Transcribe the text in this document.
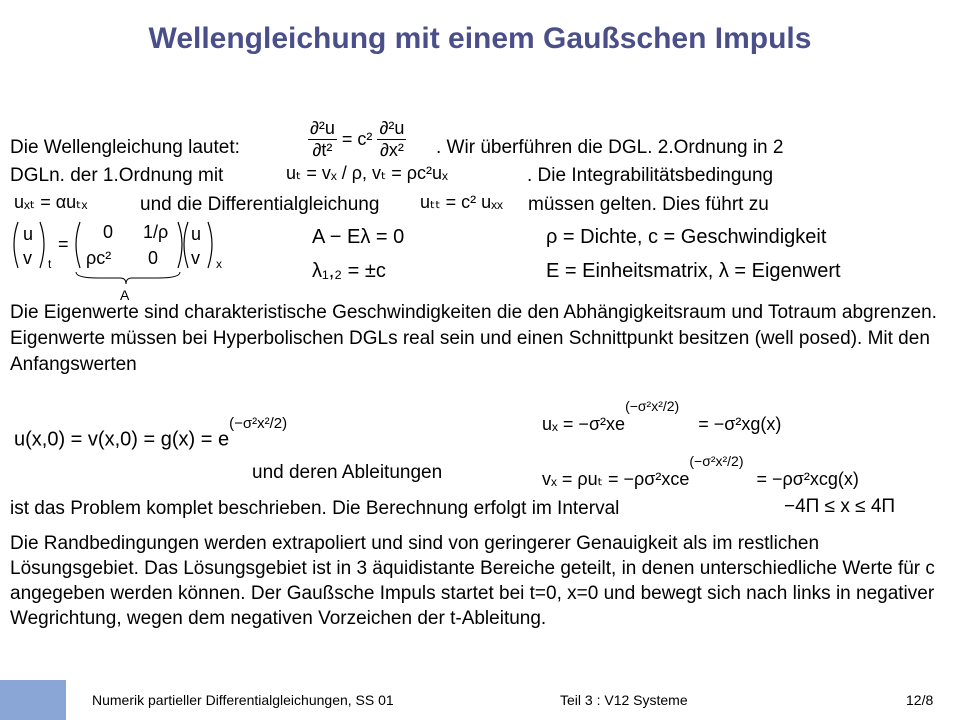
Wellengleichung mit einem Gaußschen Impuls
Die Wellengleichung lautet:	$\frac{\text{∂²u}}{\text{∂t²}} = c^2 \frac{\text{∂²u}}{\text{∂x²}}$ . Wir überführen die DGL. 2.Ordnung in 2
DGLn. der 1.Ordnung mit	uₜ = vₓ / ρ, vₜ = ρc²uₓ	. Die Integrabilitätsbedingung
uₓₜ = αuₜₓ	und die Differentialgleichung uₜₜ = c² uₓₓ müssen gelten. Dies führt zu
u
v t
=
0 1/ρ
ρc² 0
u
v x
A
A − Eλ = 0
λ₁,₂ = ±c
ρ = Dichte, c = Geschwindigkeit
E = Einheitsmatrix, λ = Eigenwert
Die Eigenwerte sind charakteristische Geschwindigkeiten die den Abhängigkeitsraum und Totraum abgrenzen. Eigenwerte müssen bei Hyperbolischen DGLs real sein und einen Schnittpunkt besitzen (well posed). Mit den Anfangswerten
$u(x,0) = v(x,0) = g(x) = e^{(-\sigma^2x^2/2)}$	$u_x = -\sigma^2xe^{(-\sigma^2x^2/2)} = -\sigma^2xg(x)$
und deren Ableitungen	vₓ = ρuₜ = −ρσ²xce$^{(-\sigma^2x^2/2)}$ = −ρσ²xcg(x)
ist das Problem komplet beschrieben. Die Berechnung erfolgt im Interval	−4Π ≤ x ≤ 4Π
Die Randbedingungen werden extrapoliert und sind von geringerer Genauigkeit als im restlichen Lösungsgebiet. Das Lösungsgebiet ist in 3 äquidistante Bereiche geteilt, in denen unterschiedliche Werte für c angegeben werden können. Der Gaußsche Impuls startet bei t=0, x=0 und bewegt sich nach links in negativer Wegrichtung, wegen dem negativen Vorzeichen der t-Ableitung.
Numerik partieller Differentialgleichungen, SS 01	Teil 3 : V12 Systeme	12/8
